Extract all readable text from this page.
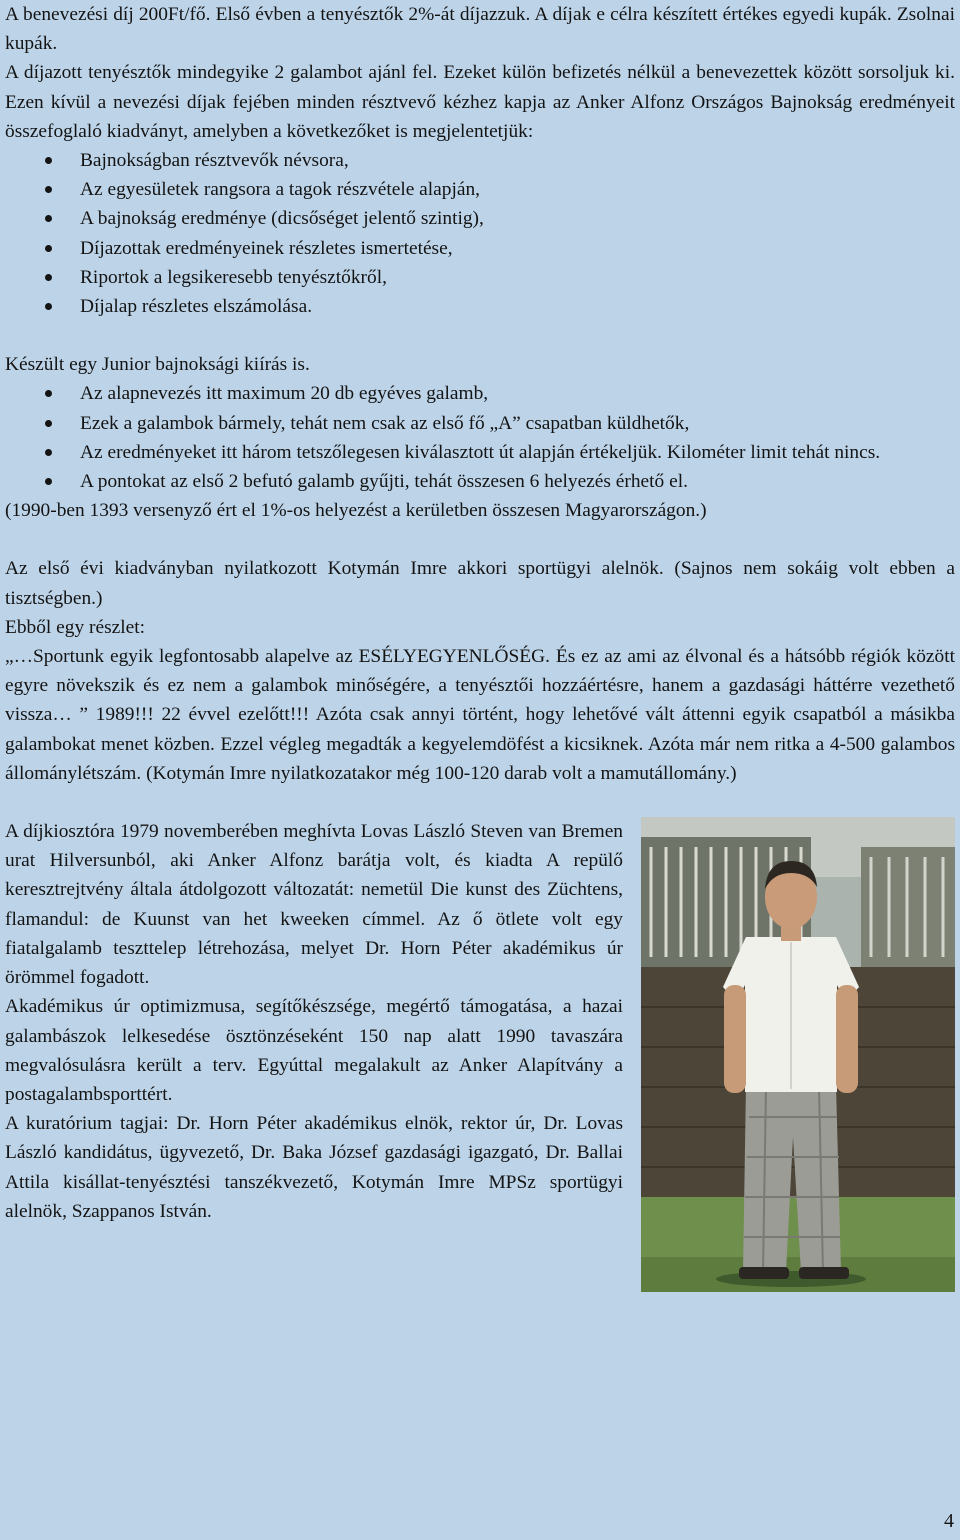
A benevezési díj 200Ft/fő. Első évben a tenyésztők 2%-át díjazzuk. A díjak e célra készített értékes egyedi kupák. Zsolnai kupák.

A díjazott tenyésztők mindegyike 2 galambot ajánl fel. Ezeket külön befizetés nélkül a benevezettek között sorsoljuk ki. Ezen kívül a nevezési díjak fejében minden résztvevő kézhez kapja az Anker Alfonz Országos Bajnokság eredményeit összefoglaló kiadványt, amelyben a következőket is megjelentetjük:

Bajnokságban résztvevők névsora,
Az egyesületek rangsora a tagok részvétele alapján,
A bajnokság eredménye (dicsőséget jelentő szintig),
Díjazottak eredményeinek részletes ismertetése,
Riportok a legsikeresebb tenyésztőkről,
Díjalap részletes elszámolása.

Készült egy Junior bajnoksági kiírás is.

Az alapnevezés itt maximum 20 db egyéves galamb,
Ezek a galambok bármely, tehát nem csak az első fő „A” csapatban küldhetők,
Az eredményeket itt három tetszőlegesen kiválasztott út alapján értékeljük. Kilométer limit tehát nincs.
A pontokat az első 2 befutó galamb gyűjti, tehát összesen 6 helyezés érhető el.

(1990-ben 1393 versenyző ért el 1%-os helyezést a kerületben összesen Magyarországon.)

Az első évi kiadványban nyilatkozott Kotymán Imre akkori sportügyi alelnök. (Sajnos nem sokáig volt ebben a tisztségben.)

Ebből egy részlet:

„…Sportunk egyik legfontosabb alapelve az ESÉLYEGYENLŐSÉG. És ez az ami az élvonal és a hátsóbb régiók között egyre növekszik és ez nem a galambok minőségére, a tenyésztői hozzáértésre, hanem a gazdasági háttérre vezethető vissza… ” 1989!!! 22 évvel ezelőtt!!! Azóta csak annyi történt, hogy lehetővé vált áttenni egyik csapatból a másikba galambokat menet közben. Ezzel végleg megadták a kegyelemdöfést a kicsiknek. Azóta már nem ritka a 4-500 galambos állománylétszám. (Kotymán Imre nyilatkozatakor még 100-120 darab volt a mamutállomány.)

A díjkiosztóra 1979 novemberében meghívta Lovas László Steven van Bremen urat Hilversunból, aki Anker Alfonz barátja volt, és kiadta A repülő keresztrejtvény általa átdolgozott változatát: nemetül Die kunst des Züchtens, flamandul: de Kuunst van het kweeken címmel. Az ő ötlete volt egy fiatalgalamb teszttelep létrehozása, melyet Dr. Horn Péter akadémikus úr örömmel fogadott.

Akadémikus úr optimizmusa, segítőkészsége, megértő támogatása, a hazai galambászok lelkesedése ösztönzéseként 150 nap alatt 1990 tavaszára megvalósulásra került a terv. Egyúttal megalakult az Anker Alapítvány a postagalambsporttért.

A kuratórium tagjai: Dr. Horn Péter akadémikus elnök, rektor úr, Dr. Lovas László kandidátus, ügyvezető, Dr. Baka József gazdasági igazgató, Dr. Ballai Attila kisállat-tenyésztési tanszékvezető, Kotymán Imre MPSz sportügyi alelnök, Szappanos István.

4
